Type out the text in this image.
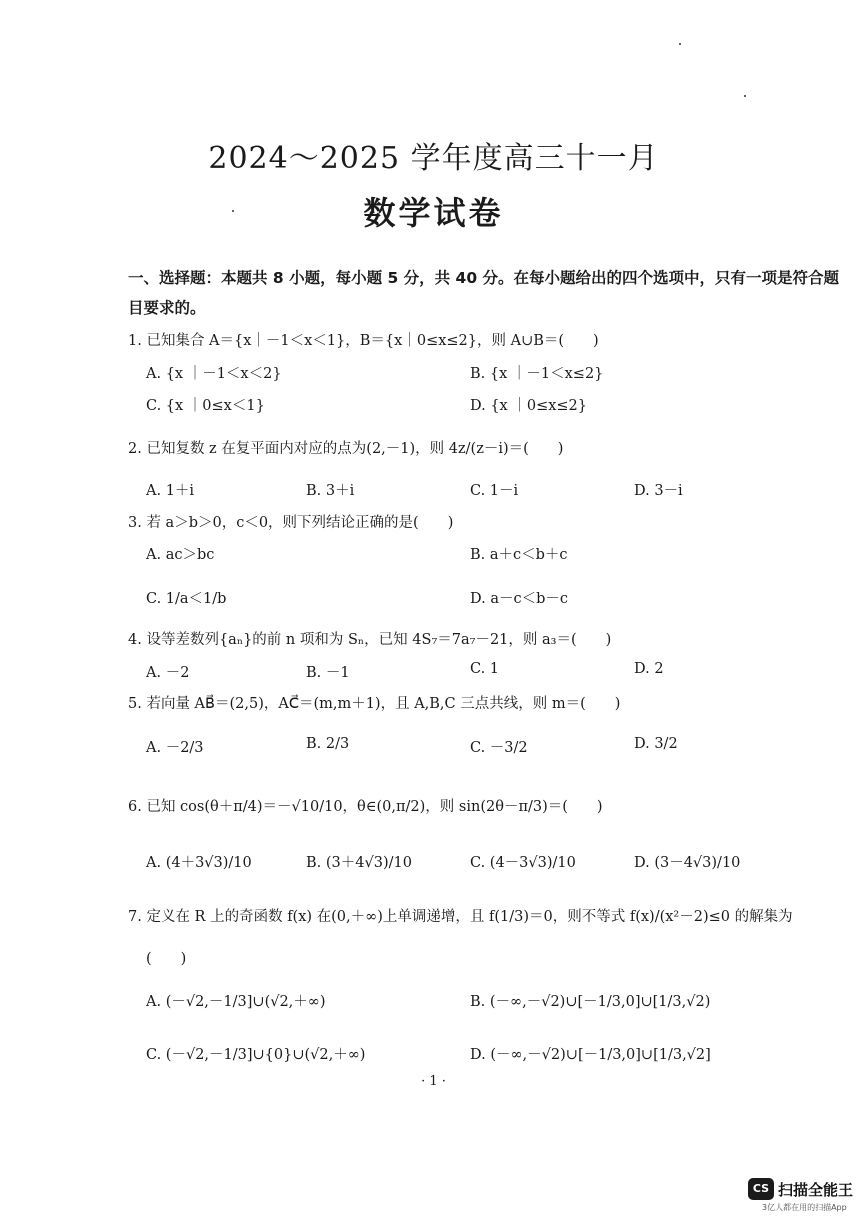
2024～2025 学年度高三十一月
数学试卷
一、选择题：本题共 8 小题，每小题 5 分，共 40 分。在每小题给出的四个选项中，只有一项是符合题
目要求的。
1. 已知集合 A＝{x｜－1＜x＜1}，B＝{x｜0≤x≤2}，则 A∪B＝(　　)
A. {x ｜－1＜x＜2}	B. {x ｜－1＜x≤2}
C. {x ｜0≤x＜1}	D. {x ｜0≤x≤2}
2. 已知复数 z 在复平面内对应的点为(2,－1)，则 4z/(z－i)＝(　　)
A. 1＋i	B. 3＋i	C. 1－i	D. 3－i
3. 若 a＞b＞0，c＜0，则下列结论正确的是(　　)
A. ac＞bc	B. a＋c＜b＋c
C. 1/a＜1/b	D. a－c＜b－c
4. 设等差数列{aₙ}的前 n 项和为 Sₙ，已知 4S₇＝7a₇－21，则 a₃＝(　　)
A. －2	B. －1	C. 1	D. 2
5. 若向量 AB⃗＝(2,5)，AC⃗＝(m,m＋1)，且 A,B,C 三点共线，则 m＝(　　)
A. －2/3	B. 2/3	C. －3/2	D. 3/2
6. 已知 cos(θ＋π/4)＝－√10/10，θ∈(0,π/2)，则 sin(2θ－π/3)＝(　　)
A. (4＋3√3)/10	B. (3＋4√3)/10	C. (4－3√3)/10	D. (3－4√3)/10
7. 定义在 R 上的奇函数 f(x) 在(0,＋∞)上单调递增，且 f(1/3)＝0，则不等式 f(x)/(x²－2)≤0 的解集为
(　　)
A. (－√2,－1/3]∪(√2,＋∞)	B. (－∞,－√2)∪[－1/3,0]∪[1/3,√2)
C. (－√2,－1/3]∪{0}∪(√2,＋∞)	D. (－∞,－√2)∪[－1/3,0]∪[1/3,√2]
· 1 ·
CS 扫描全能王
3亿人都在用的扫描App
